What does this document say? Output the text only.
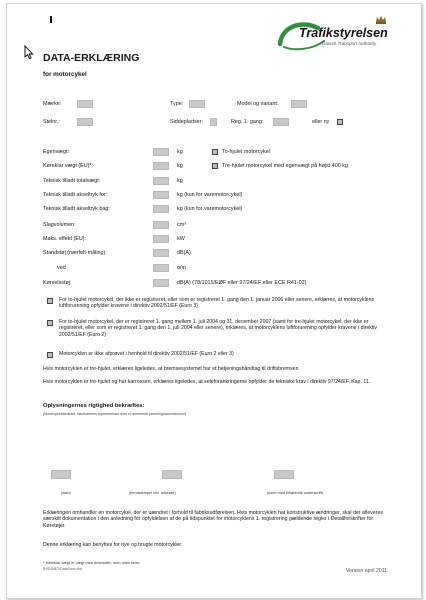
Trafikstyrelsen
Danish Transport Authority
DATA-ERKLÆRING
for motorcykel
Mærke:	Type:	Model og variant:
Stelnr.:	Siddepladser:	Reg. 1. gang:	eller ny
Egenvægt:	kg	To-hjulet motorcykel
Køreklar vægt (EU)*:	kg	Tre-hjulet motorcykel med egenvægt på højst 400 kg
Teknisk tilladt totalvægt:	kg
Teknisk tilladt akseltryk for:	kg (kun for varemotorcykel)
Teknisk tilladt akseltryk bag:	kg (kun for varemotorcykel)
Slagvolumen:	cm³
Maks. effekt (EU):	kW
Standstøj (nærfelt-måling):	dB(A)
ved	o/m
Kørselsstøj:	dB(A) (78/1015/EØF eller 97/24/EF eller ECE R41-02)
For to-hjulet motorcykel, der ikke er registreret, eller som er registreret 1. gang den 1. januar 2006 eller senere, erklæres, at motorcyklens luftforurening opfylder kravene i direktiv 2002/51/EF (Euro 3)
For to-hjulet motorcykel, der er registreret 1. gang mellem 1. juli 2004 og 31. december 2007 (samt for tre-hjulet motorcykel, der ikke er registreret, eller som er registreret 1. gang den 1. juli 2004 eller senere), erklæres, at motorcyklens luftforurening opfylder kravene i direktiv 2002/51/EF (Euro 2)
Motorcyklen er ikke afprøvet i henhold til direktiv 2002/51/EF (Euro 2 eller 3)
Hvis motorcyklen er tre-hjulet, erklæres ligeledes, at bremsesystemet har et betjeningshåndtag til driftsbremsen
Hvis motorcyklen er tre-hjulet og har karrosseri, erklæres ligeledes, at seleforankringerne opfylder de tekniske krav i direktiv 97/24/EF, Kap. 11.
Oplysningernes rigtighed bekræftes:
(Motorcykelfabrikant, fabrikantens repræsentant eller et anerkendt prøvningslaboratorium)
(dato)	(firmastempel inkl. adresse)	(navn med tilhørende underskrift)
Erklæringen omhandler en motorcykel, der er uændret i forhold til fabriksudførelsen. Hvis motorcyklen har konstruktive ændringer, skal der afleveres særskilt dokumentation i den anledning for opfyldelsen af de på tidspunktet for motorcyklens 1. registrering gældende regler i Detailforskrifter for Køretøjer.
Denne erklæring kan benyttes for nye og brugte motorcykler.
* Køreklar vægt er vægt med drivmidler, men uden fører.
$:\SUNET\Data3\mc.doc	Version april 2011
